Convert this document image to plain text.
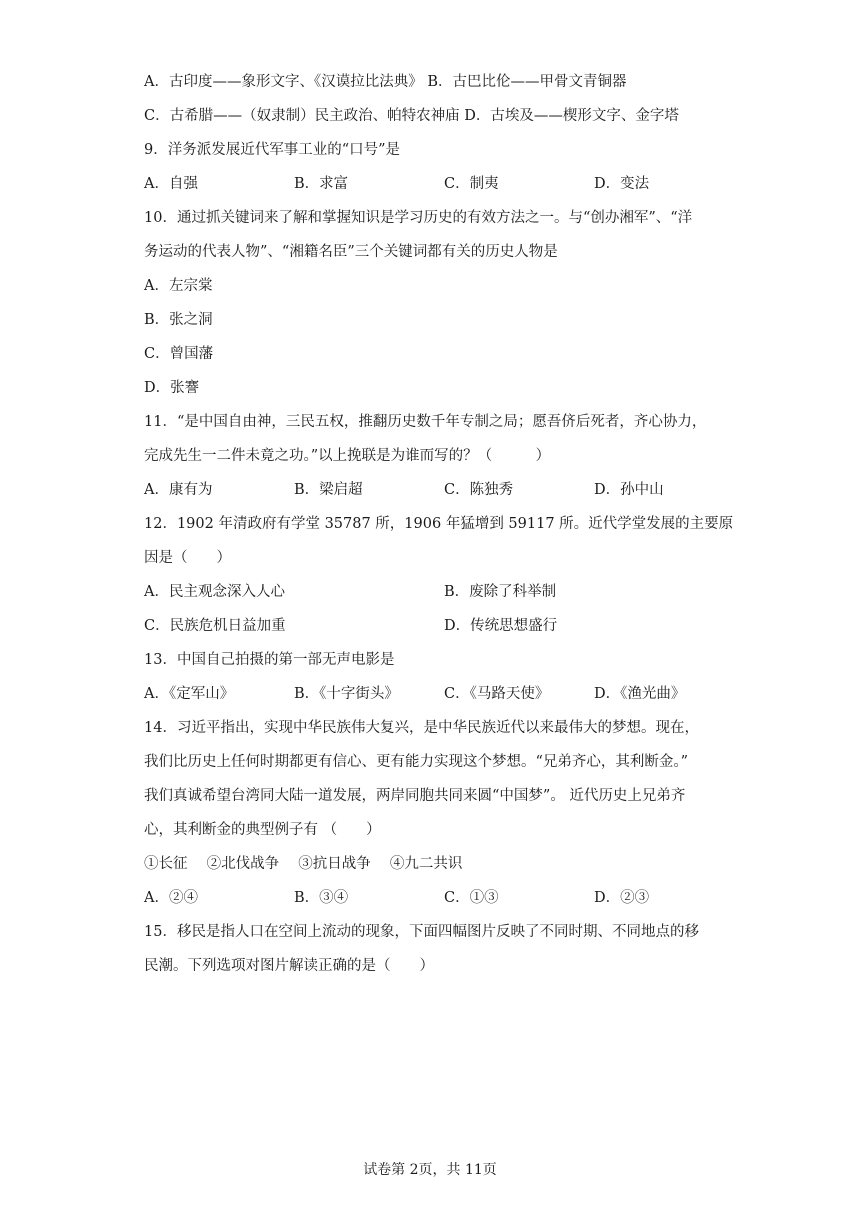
A．古印度——象形文字、《汉谟拉比法典》 B．古巴比伦——甲骨文青铜器
C．古希腊——（奴隶制）民主政治、帕特农神庙 D．古埃及——楔形文字、金字塔
9．洋务派发展近代军事工业的“口号”是
A．自强	B．求富	C．制夷	D．变法
10．通过抓关键词来了解和掌握知识是学习历史的有效方法之一。与“创办湘军”、“洋
务运动的代表人物”、“湘籍名臣”三个关键词都有关的历史人物是
A．左宗棠
B．张之洞
C．曾国藩
D．张謇
11．“是中国自由神，三民五权，推翻历史数千年专制之局；愿吾侪后死者，齐心协力，
完成先生一二件未竟之功。”以上挽联是为谁而写的？（　　　）
A．康有为	B．梁启超	C．陈独秀	D．孙中山
12．1902 年清政府有学堂 35787 所，1906 年猛增到 59117 所。近代学堂发展的主要原
因是（　　）
A．民主观念深入人心	B．废除了科举制
C．民族危机日益加重	D．传统思想盛行
13．中国自己拍摄的第一部无声电影是
A．《定军山》	B．《十字街头》	C．《马路天使》	D．《渔光曲》
14．习近平指出，实现中华民族伟大复兴，是中华民族近代以来最伟大的梦想。现在，
我们比历史上任何时期都更有信心、更有能力实现这个梦想。“兄弟齐心，其利断金。”
我们真诚希望台湾同大陆一道发展，两岸同胞共同来圆“中国梦”。 近代历史上兄弟齐
心，其利断金的典型例子有 （　　）
①长征　 ②北伐战争　 ③抗日战争　 ④九二共识
A．②④	B．③④	C．①③	D．②③
15．移民是指人口在空间上流动的现象，下面四幅图片反映了不同时期、不同地点的移
民潮。下列选项对图片解读正确的是（　　）
试卷第 2页，共 11页
